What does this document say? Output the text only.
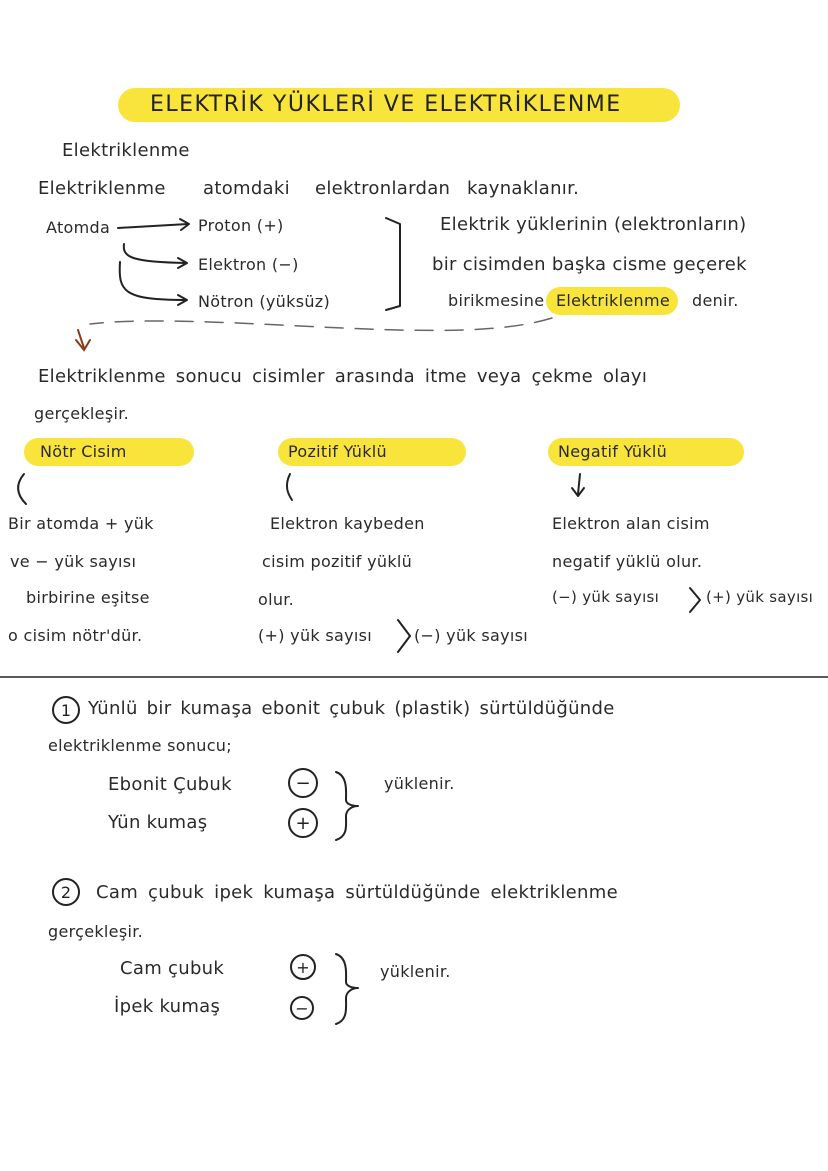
ELEKTRİK YÜKLERİ VE ELEKTRİKLENME
Elektriklenme
Elektriklenme atomdaki elektronlardan kaynaklanır.
Atomda	Proton (+)
Elektron (−)
Nötron (yüksüz)
Elektrik yüklerinin (elektronların)
bir cisimden başka cisme geçerek
birikmesine Elektriklenme denir.
Elektriklenme sonucu cisimler arasında itme veya çekme olayı
gerçekleşir.
Nötr Cisim	Pozitif Yüklü	Negatif Yüklü
Bir atomda + yük
ve − yük sayısı
birbirine eşitse
o cisim nötr'dür.
Elektron kaybeden
cisim pozitif yüklü
olur.
(+) yük sayısı	(−) yük sayısı
Elektron alan cisim
negatif yüklü olur.
(−) yük sayısı	(+) yük sayısı
1 Yünlü bir kumaşa ebonit çubuk (plastik) sürtüldüğünde
elektriklenme sonucu;
Ebonit Çubuk	−
Yün kumaş	+
yüklenir.
2	Cam çubuk ipek kumaşa sürtüldüğünde elektriklenme
gerçekleşir.
Cam çubuk	+
İpek kumaş	−
yüklenir.
